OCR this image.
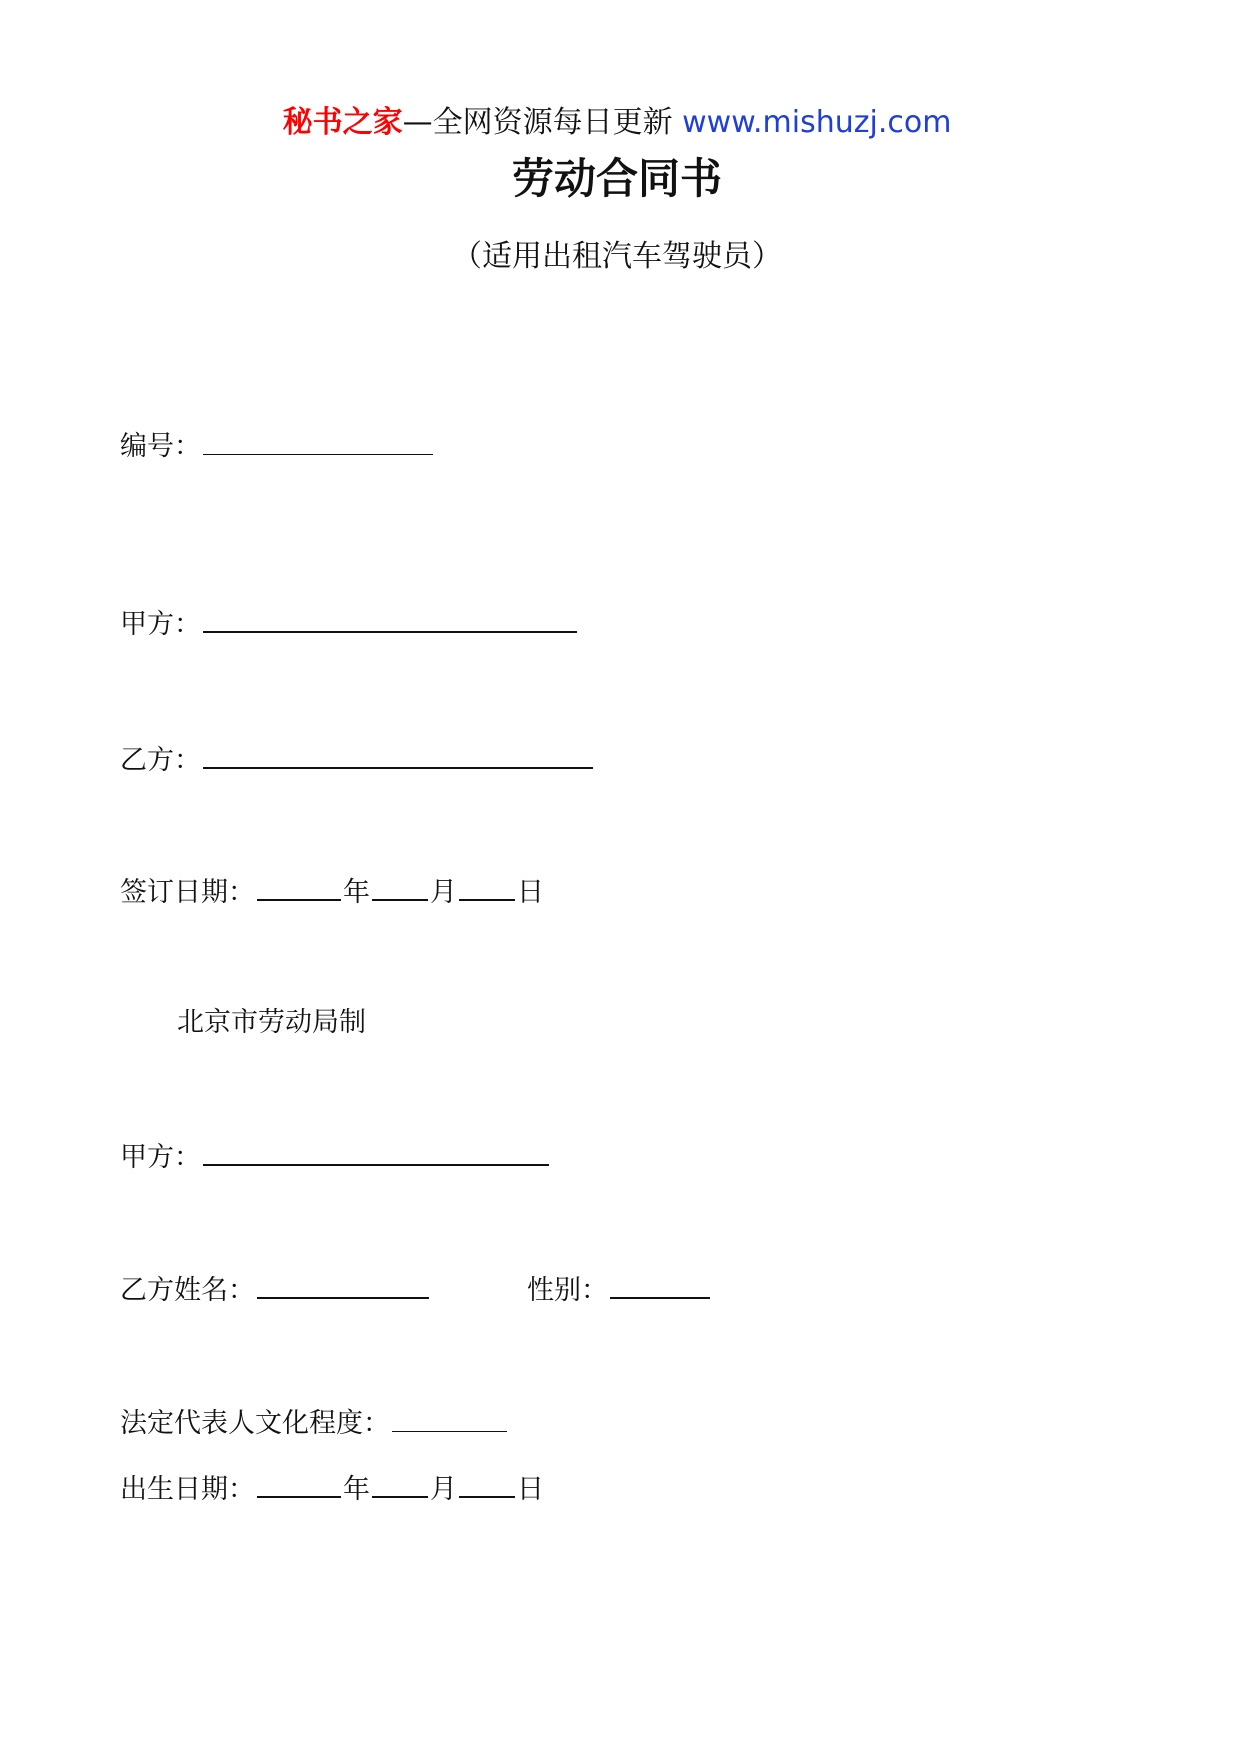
秘书之家—全网资源每日更新 www.mishuzj.com
劳动合同书
（适用出租汽车驾驶员）
编号：
甲方：
乙方：
签订日期：	年 月 日
北京市劳动局制
甲方：
乙方姓名：	性别：
法定代表人文化程度：
出生日期：	年 月 日
